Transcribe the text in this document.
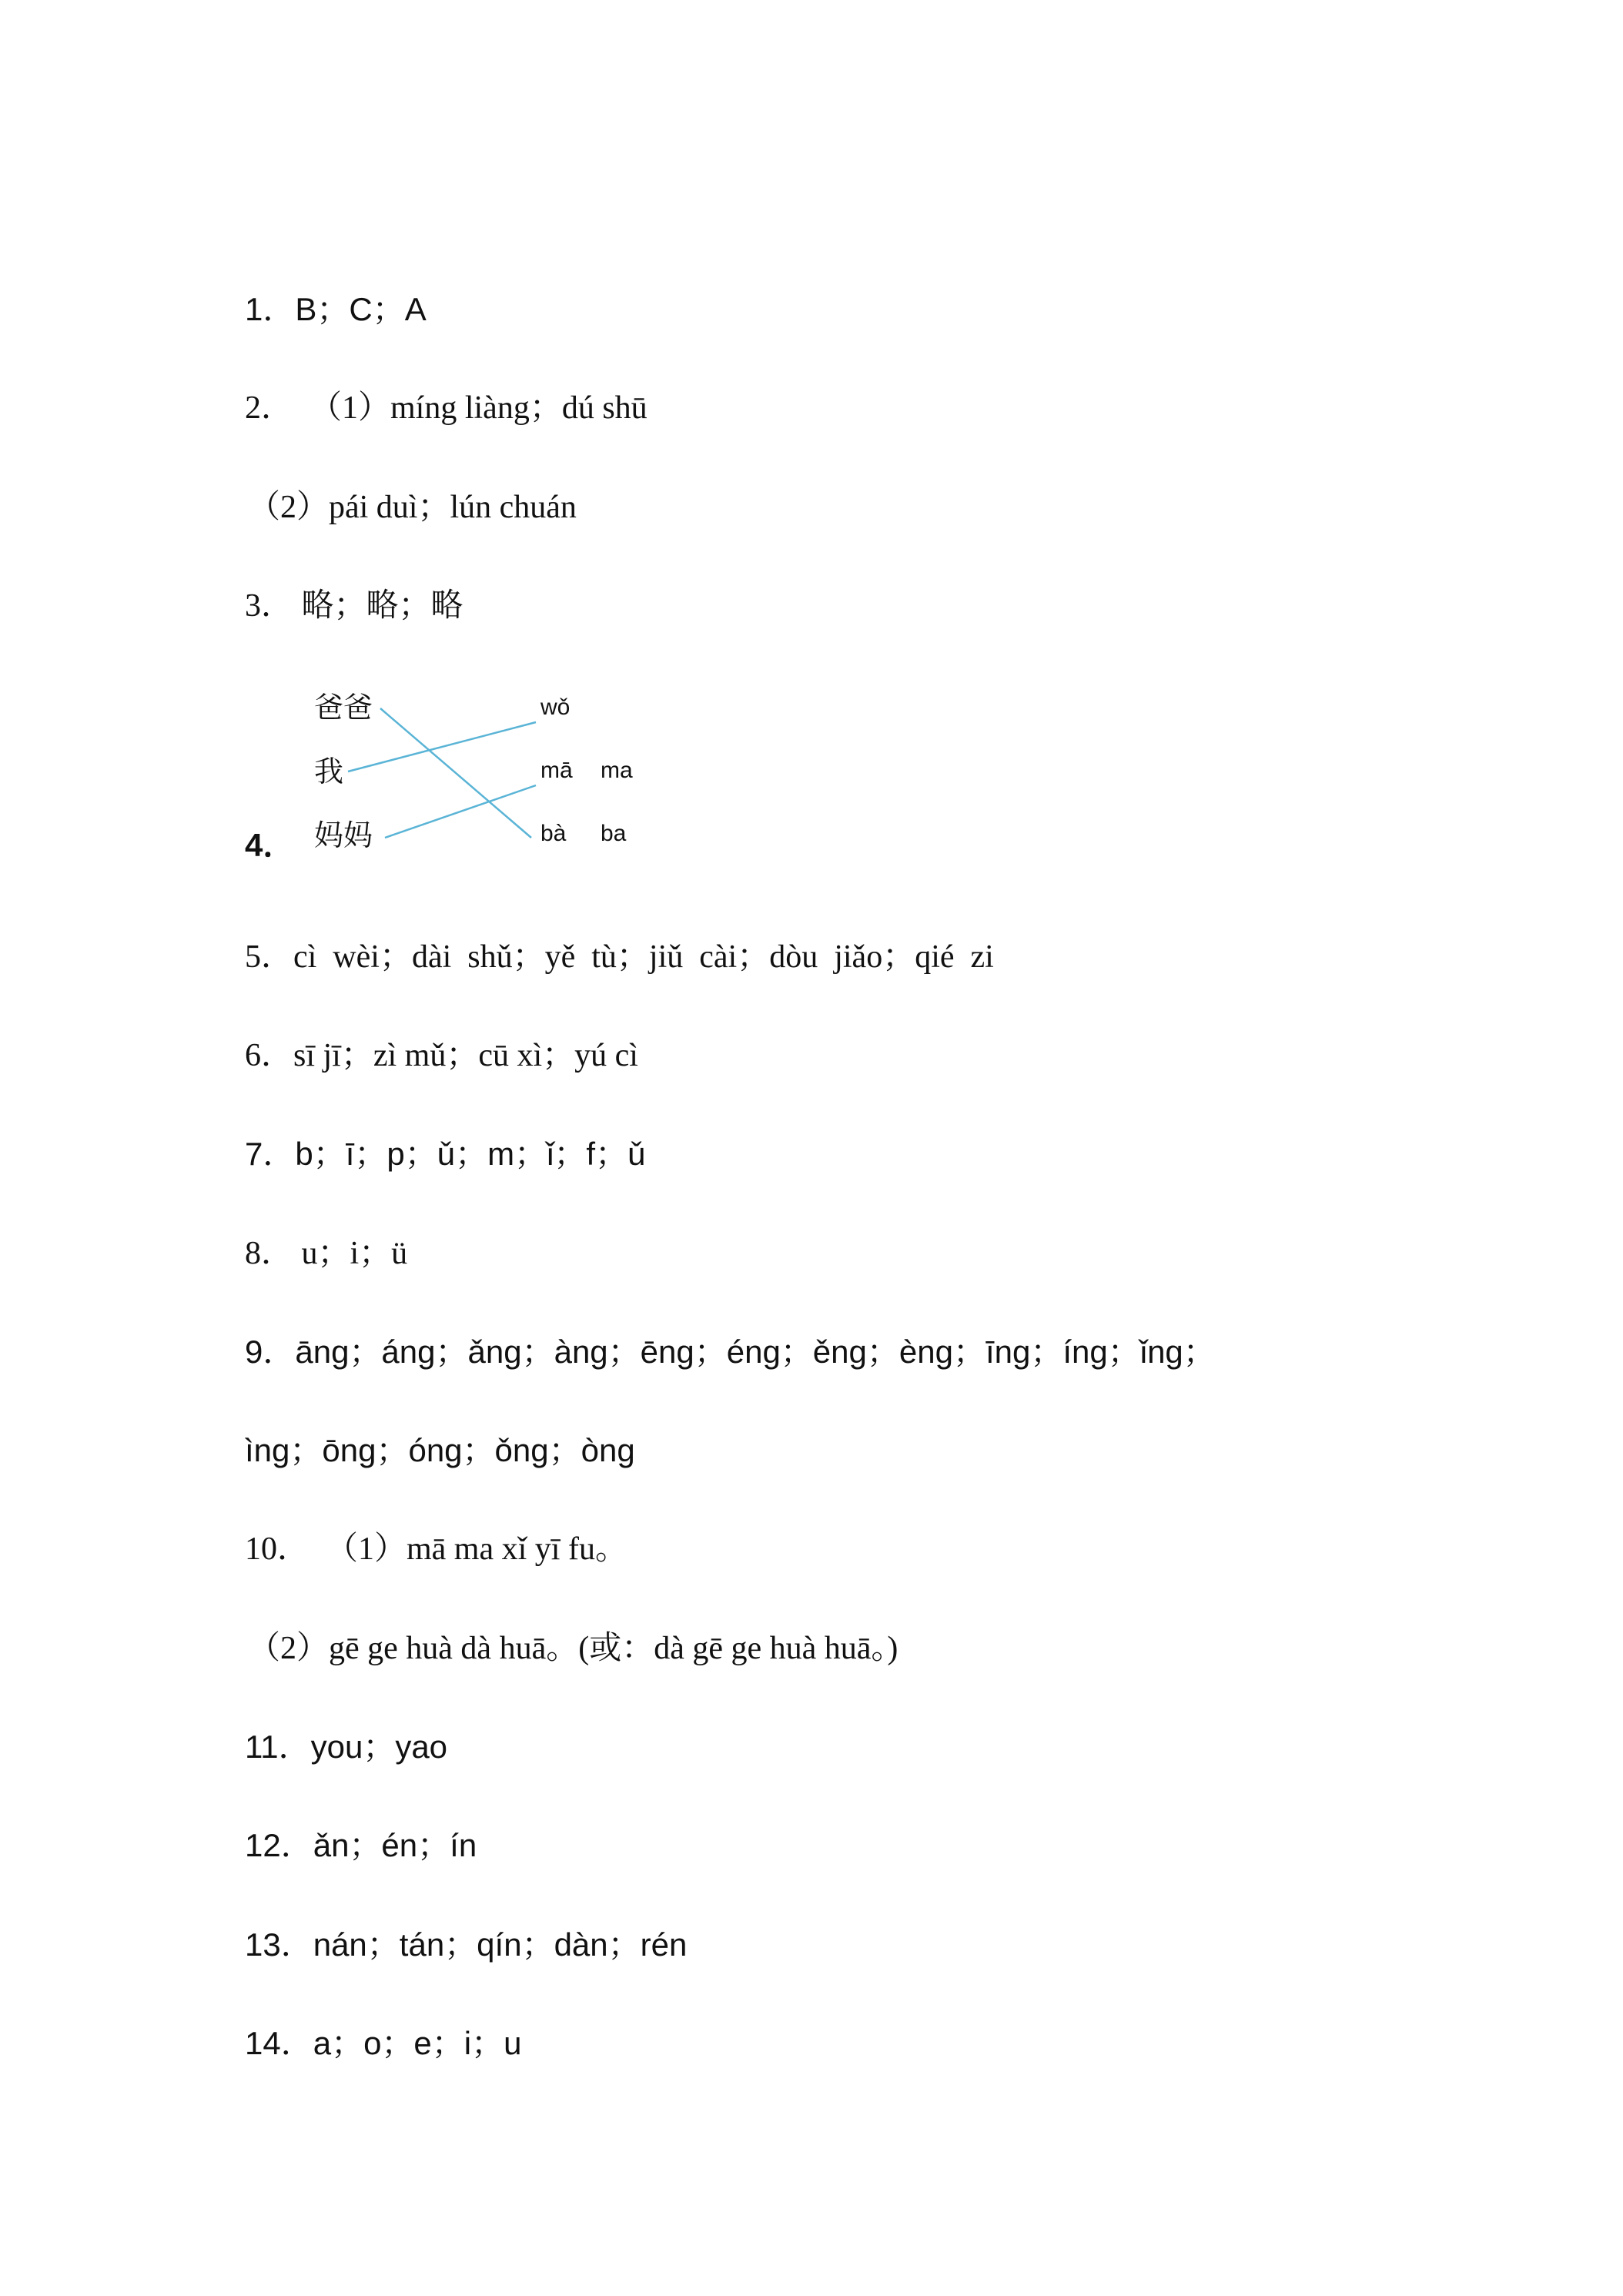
1．B；C；A

2．  （1）míng liàng；dú shū

（2）pái duì；lún chuán

3． 略；略；略

爸爸
我
妈妈
wǒ
mā
bà
ma
ba
4．

5．cì  wèi；dài  shǔ；yě  tù；jiǔ  cài；dòu  jiǎo；qié  zi

6．sī jī；zì mǔ；cū xì；yú cì

7．b；ī；p；ǔ；m；ǐ；f；ǔ

8． u；i；ü

9．āng；áng；ǎng；àng；ēng；éng；ěng；èng；īng；íng；ǐng；

ìng；ōng；óng；ǒng；òng

10．  （1）mā ma xǐ yī fu。

（2）gē ge huà dà huā。(或：dà gē ge huà huā。)

11．you；yao

12．ǎn；én；ín

13．nán；tán；qín；dàn；rén

14．a；o；e；i；u
